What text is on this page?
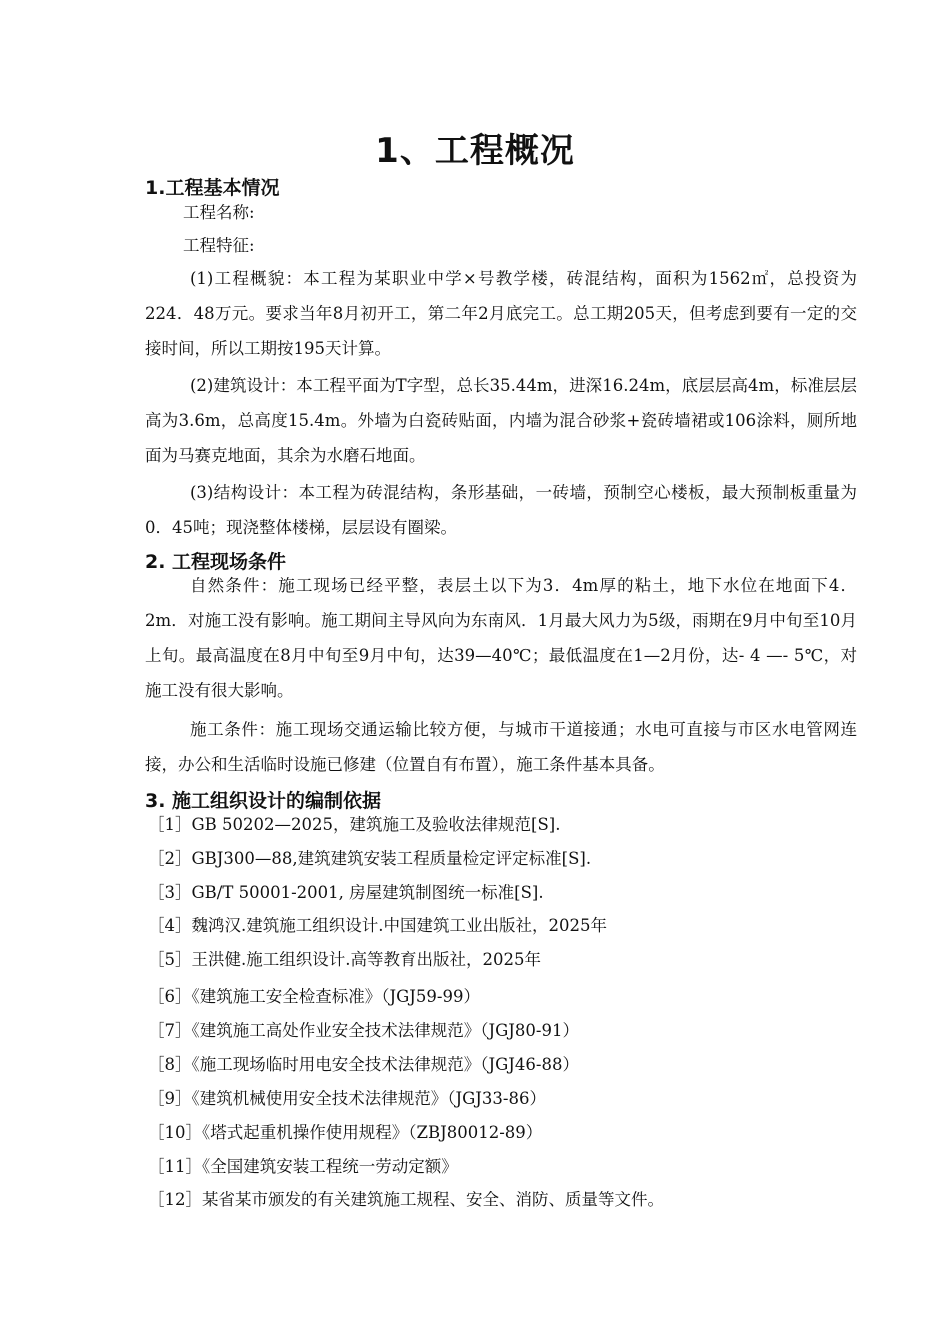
1、工程概况
1.工程基本情况
工程名称:
工程特征:
(1)工程概貌：本工程为某职业中学×号教学楼，砖混结构，面积为1562㎡，总投资为224．48万元。要求当年8月初开工，第二年2月底完工。总工期205天，但考虑到要有一定的交接时间，所以工期按195天计算。
(2)建筑设计：本工程平面为T字型，总长35.44m，进深16.24m，底层层高4m，标准层层高为3.6m，总高度15.4m。外墙为白瓷砖贴面，内墙为混合砂浆+瓷砖墙裙或106涂料，厕所地面为马赛克地面，其余为水磨石地面。
(3)结构设计：本工程为砖混结构，条形基础，一砖墙，预制空心楼板，最大预制板重量为0．45吨；现浇整体楼梯，层层设有圈梁。
2. 工程现场条件
自然条件：施工现场已经平整，表层土以下为3．4m厚的粘土，地下水位在地面下4．2m．对施工没有影响。施工期间主导风向为东南风．1月最大风力为5级，雨期在9月中旬至10月上旬。最高温度在8月中旬至9月中旬，达39—40℃；最低温度在1—2月份，达- 4 —- 5℃，对施工没有很大影响。
施工条件：施工现场交通运输比较方便，与城市干道接通；水电可直接与市区水电管网连接，办公和生活临时设施已修建（位置自有布置），施工条件基本具备。
3. 施工组织设计的编制依据
［1］GB 50202—2025，建筑施工及验收法律规范[S].
［2］GBJ300—88,建筑建筑安装工程质量检定评定标准[S].
［3］GB/T 50001-2001, 房屋建筑制图统一标准[S].
［4］魏鸿汉.建筑施工组织设计.中国建筑工业出版社，2025年
［5］王洪健.施工组织设计.高等教育出版社，2025年
［6］《建筑施工安全检查标准》（JGJ59-99）
［7］《建筑施工高处作业安全技术法律规范》（JGJ80-91）
［8］《施工现场临时用电安全技术法律规范》（JGJ46-88）
［9］《建筑机械使用安全技术法律规范》（JGJ33-86）
［10］《塔式起重机操作使用规程》（ZBJ80012-89）
［11］《全国建筑安装工程统一劳动定额》
［12］某省某市颁发的有关建筑施工规程、安全、消防、质量等文件。
